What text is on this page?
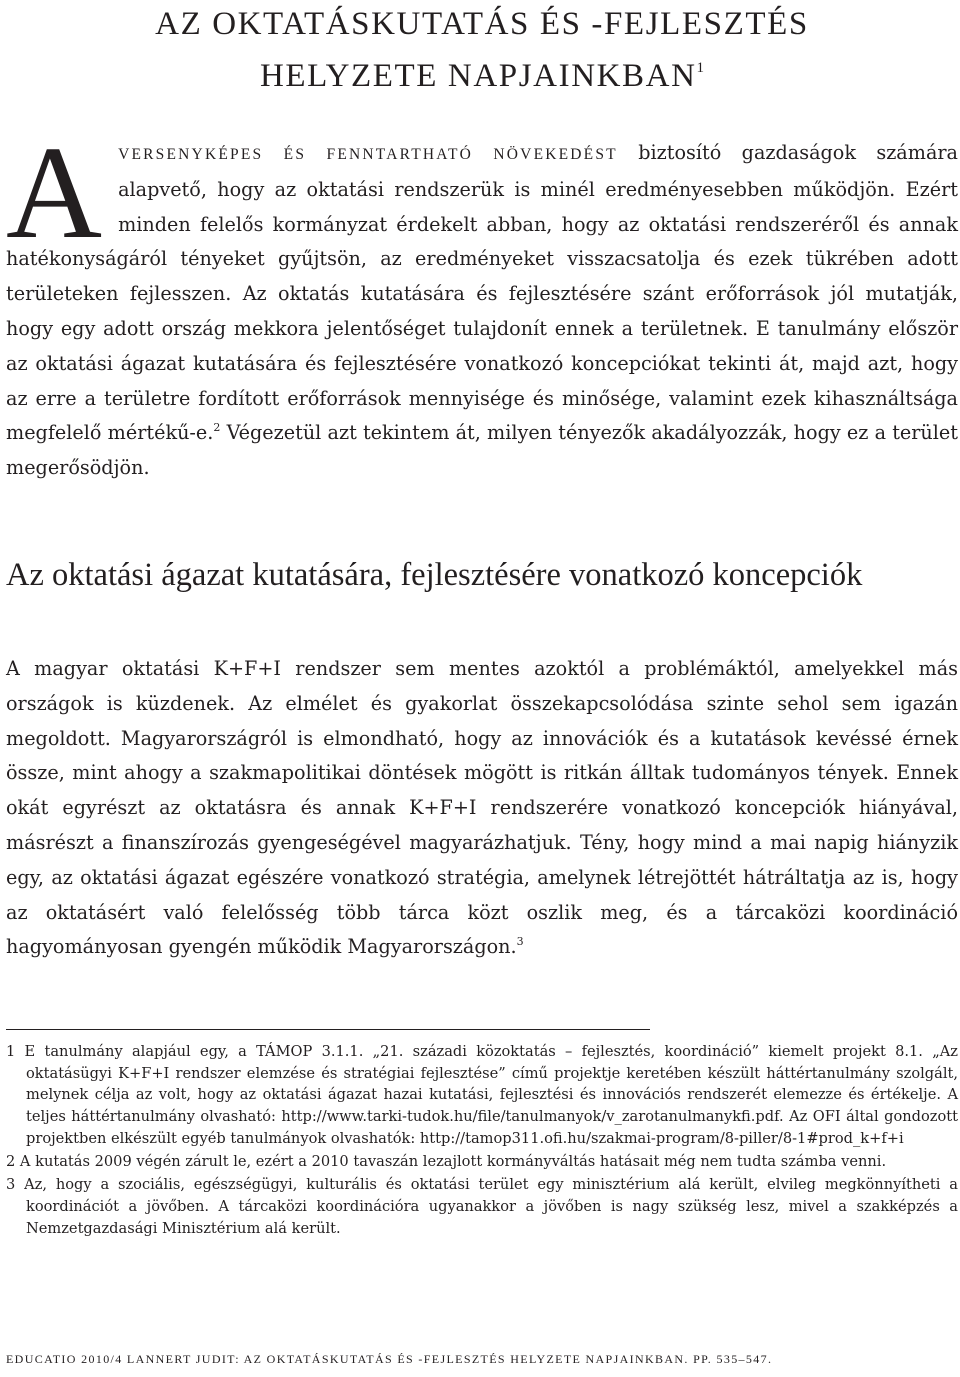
AZ OKTATÁSKUTATÁS ÉS -FEJLESZTÉS
HELYZETE NAPJAINKBAN$^1$

A VERSENYKÉPES ÉS FENNTARTHATÓ NÖVEKEDÉST biztosító gazdaságok számára alapvető, hogy az oktatási rendszerük is minél eredményesebben működjön. Ezért minden felelős kormányzat érdekelt abban, hogy az oktatási rendszeréről és annak hatékonyságáról tényeket gyűjtsön, az eredményeket visszacsatolja és ezek tükrében adott területeken fejlesszen. Az oktatás kutatására és fejlesztésére szánt erőforrások jól mutatják, hogy egy adott ország mekkora jelentőséget tulajdonít ennek a területnek. E tanulmány először az oktatási ágazat kutatására és fejlesztésére vonatkozó koncepciókat tekinti át, majd azt, hogy az erre a területre fordított erőforrások mennyisége és minősége, valamint ezek kihasználtsága megfelelő mértékű-e.$^2$ Végezetül azt tekintem át, milyen tényezők akadályozzák, hogy ez a terület megerősödjön.

Az oktatási ágazat kutatására, fejlesztésére vonatkozó koncepciók

A magyar oktatási K+F+I rendszer sem mentes azoktól a problémáktól, amelyekkel más országok is küzdenek. Az elmélet és gyakorlat összekapcsolódása szinte sehol sem igazán megoldott. Magyarországról is elmondható, hogy az innovációk és a kutatások kevéssé érnek össze, mint ahogy a szakmapolitikai döntések mögött is ritkán álltak tudományos tények. Ennek okát egyrészt az oktatásra és annak K+F+I rendszerére vonatkozó koncepciók hiányával, másrészt a finanszírozás gyengeségével magyarázhatjuk. Tény, hogy mind a mai napig hiányzik egy, az oktatási ágazat egészére vonatkozó stratégia, amelynek létrejöttét hátráltatja az is, hogy az oktatásért való felelősség több tárca közt oszlik meg, és a tárcaközi koordináció hagyományosan gyengén működik Magyarországon.$^3$

1 E tanulmány alapjául egy, a TÁMOP 3.1.1. „21. századi közoktatás – fejlesztés, koordináció” kiemelt projekt 8.1. „Az oktatásügyi K+F+I rendszer elemzése és stratégiai fejlesztése” című projektje keretében készült háttértanulmány szolgált, melynek célja az volt, hogy az oktatási ágazat hazai kutatási, fejlesztési és innovációs rendszerét elemezze és értékelje. A teljes háttértanulmány olvasható: http://www.tarki-tudok.hu/file/tanulmanyok/v_zarotanulmanykfi.pdf. Az OFI által gondozott projektben elkészült egyéb tanulmányok olvashatók: http://tamop311.ofi.hu/szakmai-program/8-piller/8-1#prod_k+f+i
2 A kutatás 2009 végén zárult le, ezért a 2010 tavaszán lezajlott kormányváltás hatásait még nem tudta számba venni.
3 Az, hogy a szociális, egészségügyi, kulturális és oktatási terület egy minisztérium alá került, elvileg megkönnyítheti a koordinációt a jövőben. A tárcaközi koordinációra ugyanakkor a jövőben is nagy szükség lesz, mivel a szakképzés a Nemzetgazdasági Minisztérium alá került.
EDUCATIO 2010/4 LANNERT JUDIT: AZ OKTATÁSKUTATÁS ÉS -FEJLESZTÉS HELYZETE NAPJAINKBAN. PP. 535–547.
